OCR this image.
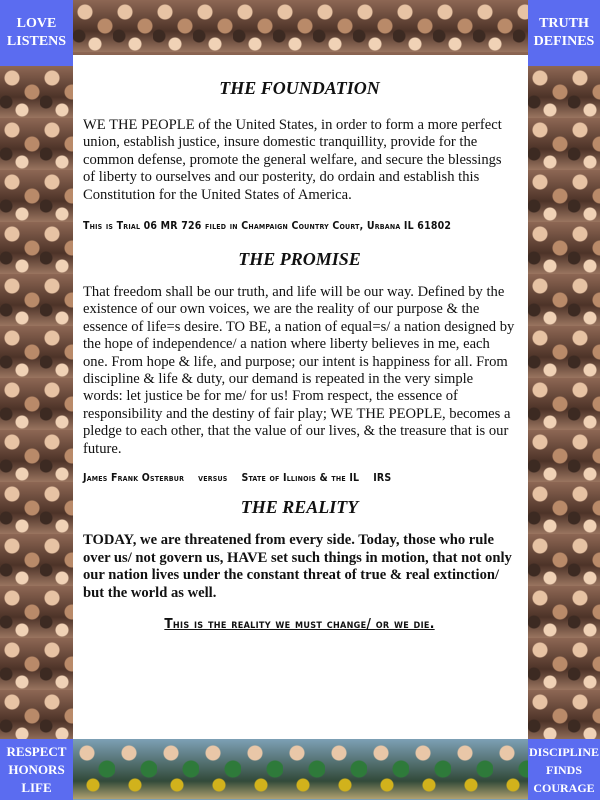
LOVE
LISTENS
TRUTH
DEFINES
RESPECT
HONORS
LIFE
DISCIPLINE
FINDS
COURAGE
THE FOUNDATION

WE THE PEOPLE of the United States, in order to form a more perfect union, establish justice, insure domestic tranquillity, provide for the common defense, promote the general welfare, and secure the blessings of liberty to ourselves and our posterity, do ordain and establish this Constitution for the United States of America.

This is Trial 06 MR 726 filed in Champaign Country Court, Urbana IL 61802

THE PROMISE

That freedom shall be our truth, and life will be our way. Defined by the existence of our own voices, we are the reality of our purpose & the essence of life=s desire. TO BE, a nation of equal=s/ a nation designed by the hope of independence/ a nation where liberty believes in me, each one. From hope & life, and purpose; our intent is happiness for all. From discipline & life & duty, our demand is repeated in the very simple words: let justice be for me/ for us! From respect, the essence of responsibility and the destiny of fair play; WE THE PEOPLE, becomes a pledge to each other, that the value of our lives, & the treasure that is our future.

James Frank Osterbur    versus    State of Illinois & the IL    IRS

THE REALITY

TODAY, we are threatened from every side. Today, those who rule over us/ not govern us, HAVE set such things in motion, that not only our nation lives under the constant threat of true & real extinction/ but the world as well.

This is the reality we must change/ or we die.
